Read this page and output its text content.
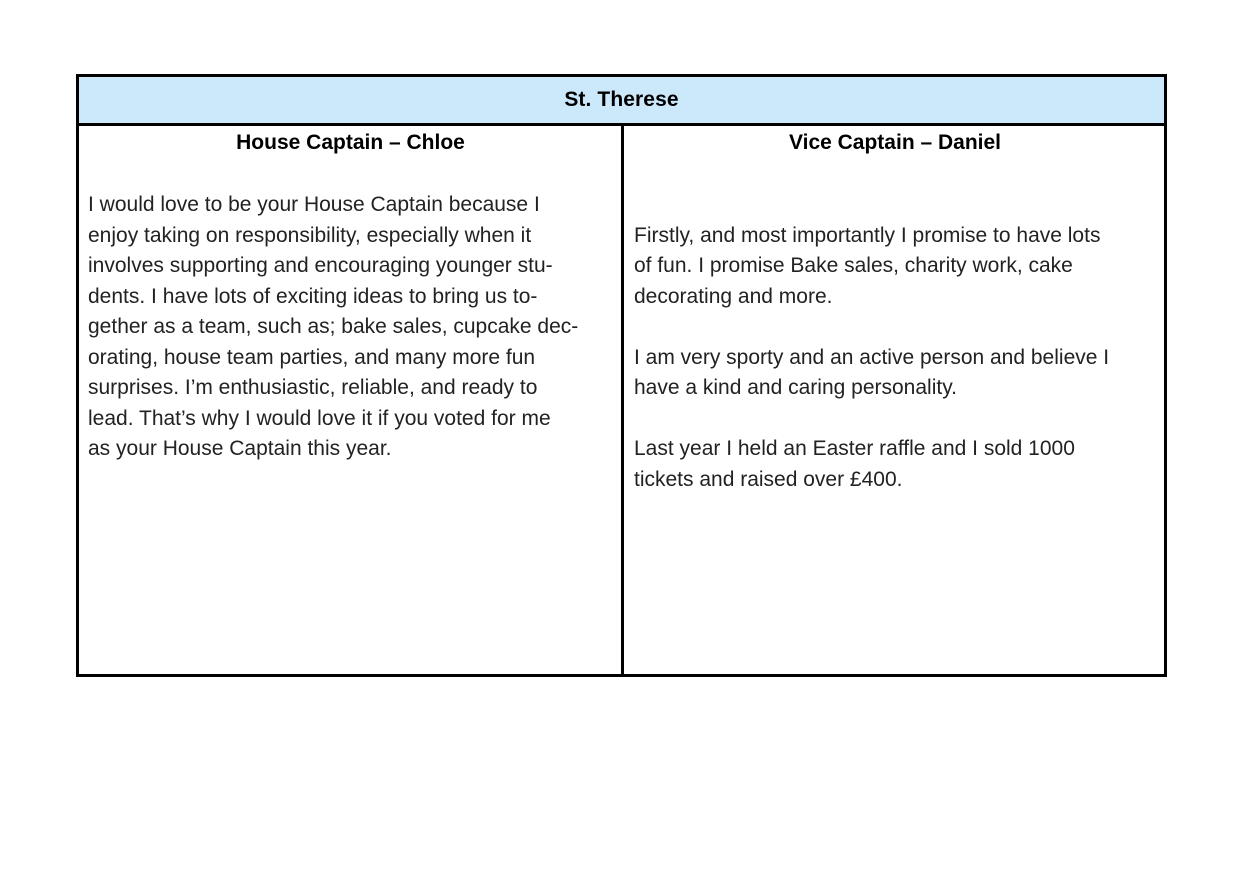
St. Therese

House Captain – Chloe

I would love to be your House Captain because I
enjoy taking on responsibility, especially when it
involves supporting and encouraging younger stu-
dents. I have lots of exciting ideas to bring us to-
gether as a team, such as; bake sales, cupcake dec-
orating, house team parties, and many more fun
surprises. I’m enthusiastic, reliable, and ready to
lead. That’s why I would love it if you voted for me
as your House Captain this year.

Vice Captain – Daniel

Firstly, and most importantly I promise to have lots
of fun. I promise Bake sales, charity work, cake
decorating and more.

I am very sporty and an active person and believe I
have a kind and caring personality.

Last year I held an Easter raffle and I sold 1000
tickets and raised over £400.
